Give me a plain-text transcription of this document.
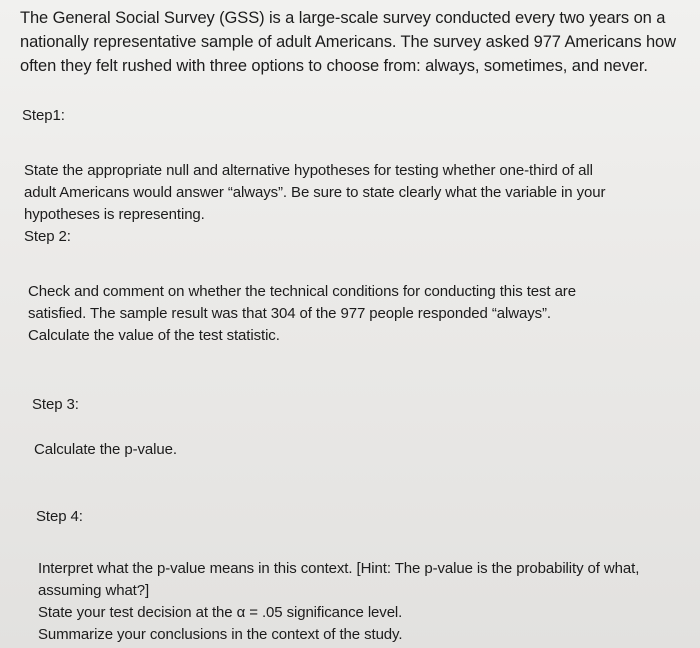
The General Social Survey (GSS) is a large-scale survey conducted every two years on a
nationally representative sample of adult Americans. The survey asked 977 Americans how
often they felt rushed with three options to choose from: always, sometimes, and never.
Step1:
State the appropriate null and alternative hypotheses for testing whether one-third of all
adult Americans would answer “always”. Be sure to state clearly what the variable in your
hypotheses is representing.
Step 2:
Check and comment on whether the technical conditions for conducting this test are
satisfied. The sample result was that 304 of the 977 people responded “always”.
Calculate the value of the test statistic.
Step 3:
Calculate the p-value.
Step 4:
Interpret what the p-value means in this context. [Hint: The p-value is the probability of what,
assuming what?]
State your test decision at the α = .05 significance level.
Summarize your conclusions in the context of the study.
